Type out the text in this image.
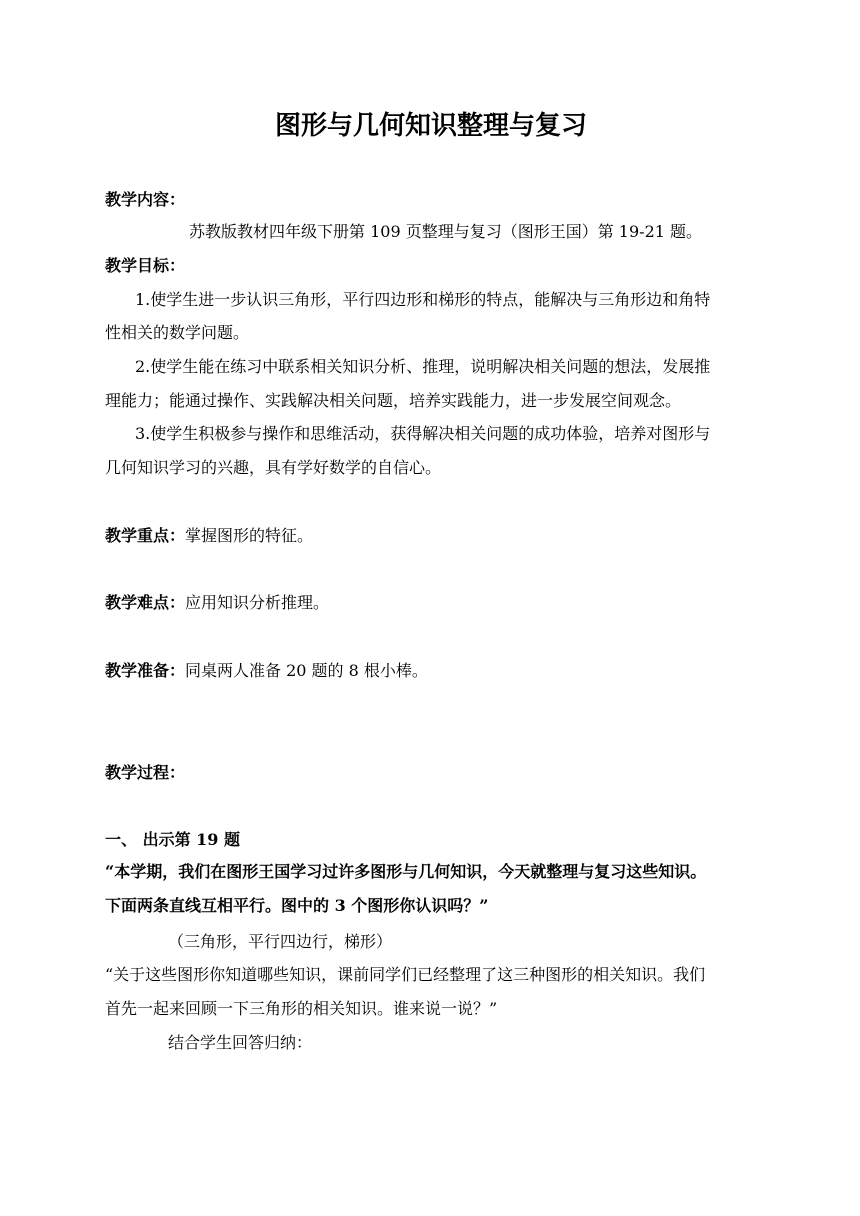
图形与几何知识整理与复习
教学内容：
苏教版教材四年级下册第 109 页整理与复习（图形王国）第 19-21 题。
教学目标：
1.使学生进一步认识三角形，平行四边形和梯形的特点，能解决与三角形边和角特
性相关的数学问题。
2.使学生能在练习中联系相关知识分析、推理，说明解决相关问题的想法，发展推
理能力；能通过操作、实践解决相关问题，培养实践能力，进一步发展空间观念。
3.使学生积极参与操作和思维活动，获得解决相关问题的成功体验，培养对图形与
几何知识学习的兴趣，具有学好数学的自信心。
教学重点：掌握图形的特征。
教学难点：应用知识分析推理。
教学准备：同桌两人准备 20 题的 8 根小棒。
教学过程：
一、 出示第 19 题
“本学期，我们在图形王国学习过许多图形与几何知识，今天就整理与复习这些知识。
下面两条直线互相平行。图中的 3 个图形你认识吗？”
（三角形，平行四边行，梯形）
“关于这些图形你知道哪些知识，课前同学们已经整理了这三种图形的相关知识。我们
首先一起来回顾一下三角形的相关知识。谁来说一说？”
结合学生回答归纳：
